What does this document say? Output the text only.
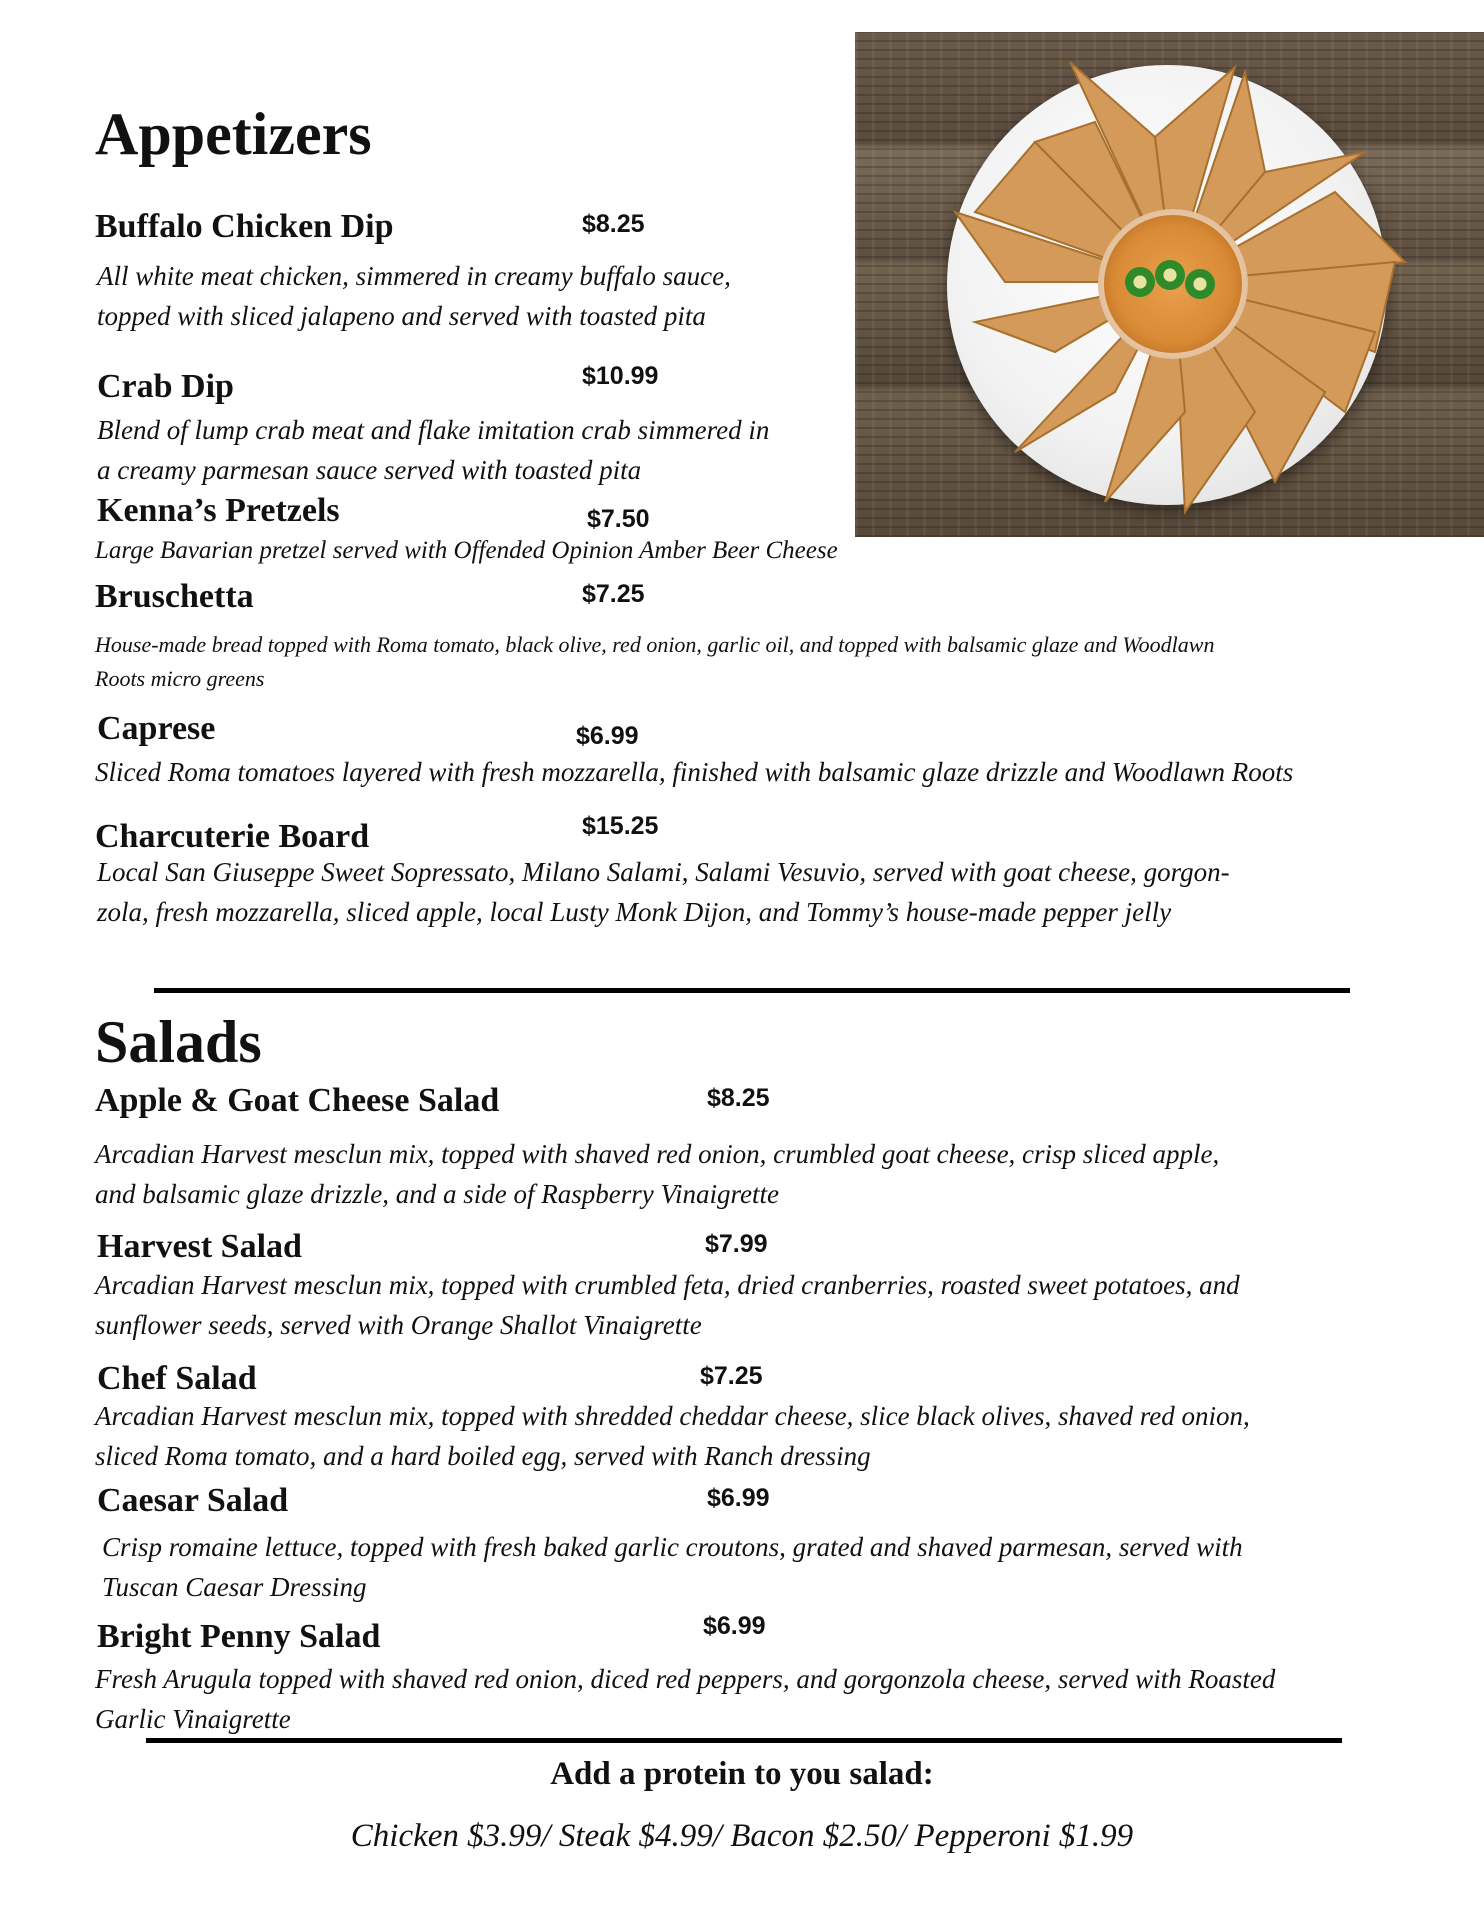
Appetizers
Buffalo Chicken Dip	$8.25
All white meat chicken, simmered in creamy buffalo sauce,
topped with sliced jalapeno and served with toasted pita
Crab Dip	$10.99
Blend of lump crab meat and flake imitation crab simmered in
a creamy parmesan sauce served with toasted pita
Kenna’s Pretzels	$7.50
Large Bavarian pretzel served with Offended Opinion Amber Beer Cheese
Bruschetta	$7.25
House-made bread topped with Roma tomato, black olive, red onion, garlic oil, and topped with balsamic glaze and Woodlawn
Roots micro greens
Caprese	$6.99
Sliced Roma tomatoes layered with fresh mozzarella, finished with balsamic glaze drizzle and Woodlawn Roots
Charcuterie Board	$15.25
Local San Giuseppe Sweet Sopressato, Milano Salami, Salami Vesuvio, served with goat cheese, gorgon-
zola, fresh mozzarella, sliced apple, local Lusty Monk Dijon, and Tommy’s house-made pepper jelly
Salads
Apple & Goat Cheese Salad	$8.25
Arcadian Harvest mesclun mix, topped with shaved red onion, crumbled goat cheese, crisp sliced apple,
and balsamic glaze drizzle, and a side of Raspberry Vinaigrette
Harvest Salad	$7.99
Arcadian Harvest mesclun mix, topped with crumbled feta, dried cranberries, roasted sweet potatoes, and
sunflower seeds, served with Orange Shallot Vinaigrette
Chef Salad	$7.25
Arcadian Harvest mesclun mix, topped with shredded cheddar cheese, slice black olives, shaved red onion,
sliced Roma tomato, and a hard boiled egg, served with Ranch dressing
Caesar Salad	$6.99
Crisp romaine lettuce, topped with fresh baked garlic croutons, grated and shaved parmesan, served with
Tuscan Caesar Dressing
Bright Penny Salad	$6.99
Fresh Arugula topped with shaved red onion, diced red peppers, and gorgonzola cheese, served with Roasted
Garlic Vinaigrette
Add a protein to you salad:
Chicken $3.99/ Steak $4.99/ Bacon $2.50/ Pepperoni $1.99
